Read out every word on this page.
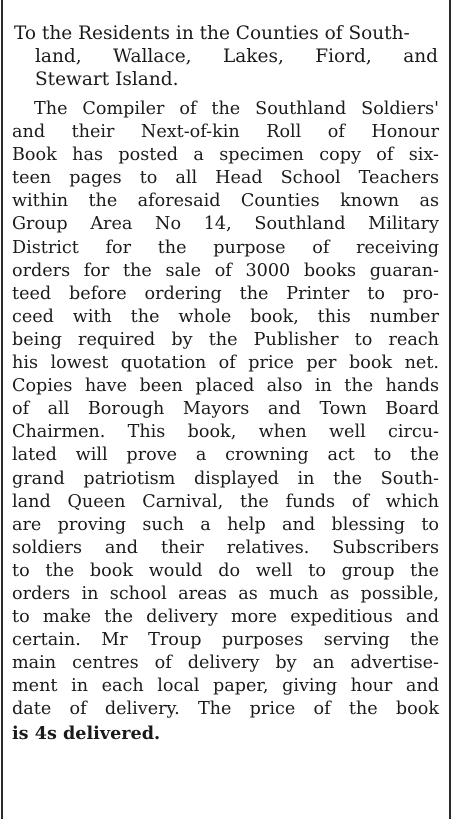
To the Residents in the Counties of South-
land, Wallace, Lakes, Fiord, and
Stewart Island.

The Compiler of the Southland Soldiers'
and their Next-of-kin Roll of Honour
Book has posted a specimen copy of six-
teen pages to all Head School Teachers
within the aforesaid Counties known as
Group Area No 14, Southland Military
District for the purpose of receiving
orders for the sale of 3000 books guaran-
teed before ordering the Printer to pro-
ceed with the whole book, this number
being required by the Publisher to reach
his lowest quotation of price per book net.
Copies have been placed also in the hands
of all Borough Mayors and Town Board
Chairmen. This book, when well circu-
lated will prove a crowning act to the
grand patriotism displayed in the South-
land Queen Carnival, the funds of which
are proving such a help and blessing to
soldiers and their relatives. Subscribers
to the book would do well to group the
orders in school areas as much as possible,
to make the delivery more expeditious and
certain. Mr Troup purposes serving the
main centres of delivery by an advertise-
ment in each local paper, giving hour and
date of delivery. The price of the book
is 4s delivered.
